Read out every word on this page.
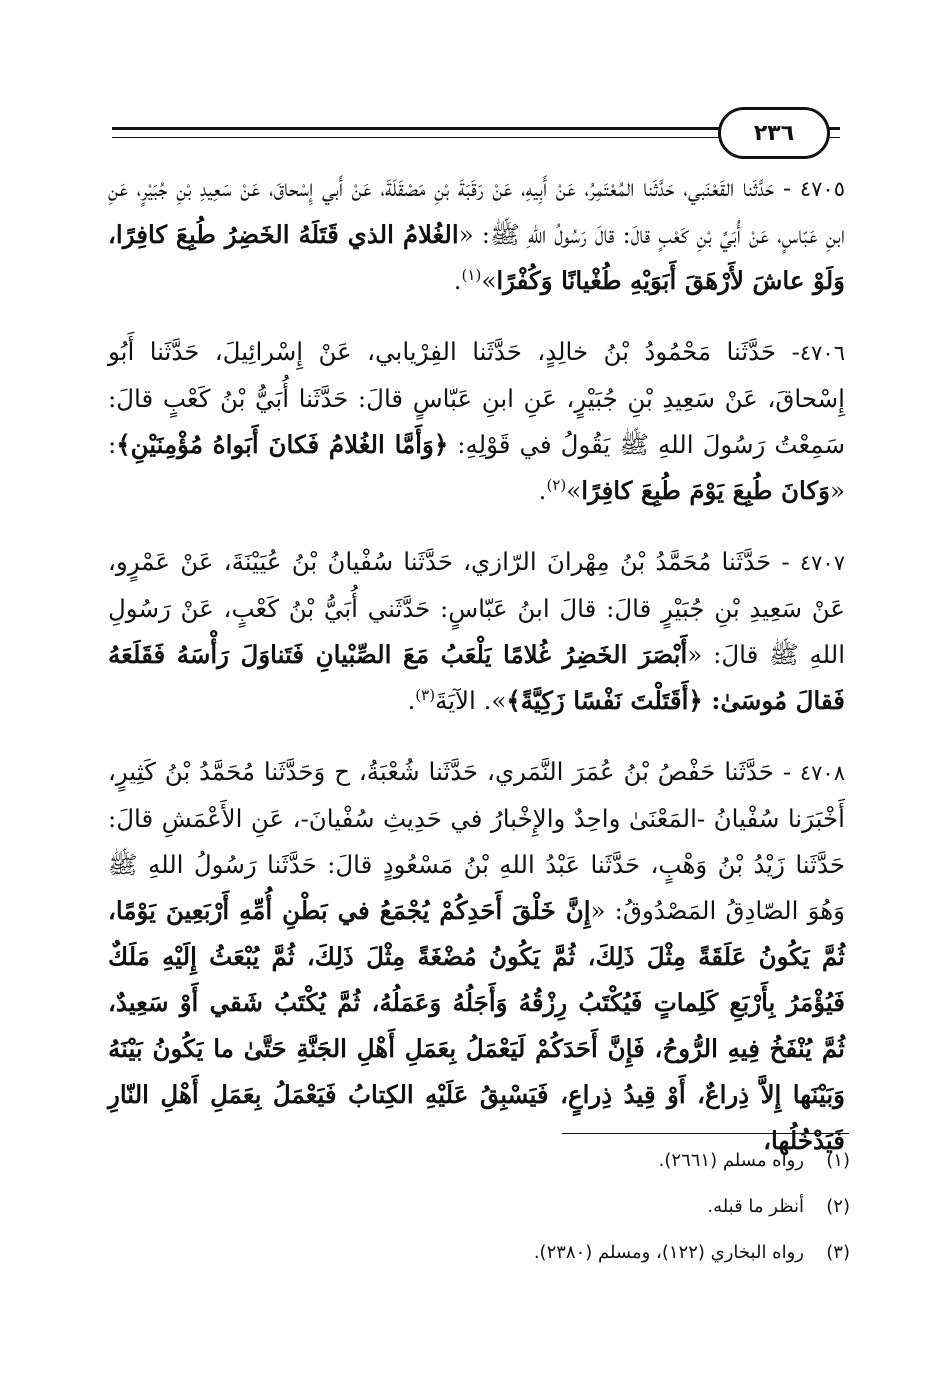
٢٣٦

٤٧٠٥ - حَدَّثَنا القَعْنَبي، حَدَّثَنا المُعْتَمِرُ، عَنْ أَبِيهِ، عَنْ رَقَبَةَ بْنِ مَصْقَلَةَ، عَنْ أَبي إِسْحاقَ، عَنْ سَعِيدِ بْنِ جُبَيْرٍ، عَنِ ابنِ عَبّاسٍ، عَنْ أُبَيِّ بْنِ كَعْبٍ قالَ: قالَ رَسُولُ اللهِ ﷺ: «الغُلامُ الذي قَتَلَهُ الخَضِرُ طُبِعَ كافِرًا، وَلَوْ عاشَ لأَرْهَقَ أَبَوَيْهِ طُغْيانًا وَكُفْرًا»$^{(١)}$.

٤٧٠٦- حَدَّثَنا مَحْمُودُ بْنُ خالِدٍ، حَدَّثَنا الفِرْيابي، عَنْ إِسْرائِيلَ، حَدَّثَنا أَبُو إِسْحاقَ، عَنْ سَعِيدِ بْنِ جُبَيْرٍ، عَنِ ابنِ عَبّاسٍ قالَ: حَدَّثَنا أُبَيُّ بْنُ كَعْبٍ قالَ: سَمِعْتُ رَسُولَ اللهِ ﷺ يَقُولُ في قَوْلِهِ: ﴿وَأَمَّا الغُلامُ فَكانَ أَبَواهُ مُؤْمِنَيْنِ﴾: «وَكانَ طُبِعَ يَوْمَ طُبِعَ كافِرًا»$^{(٢)}$.

٤٧٠٧ - حَدَّثَنا مُحَمَّدُ بْنُ مِهْرانَ الرّازي، حَدَّثَنا سُفْيانُ بْنُ عُيَيْنَةَ، عَنْ عَمْرٍو، عَنْ سَعِيدِ بْنِ جُبَيْرٍ قالَ: قالَ ابنُ عَبّاسٍ: حَدَّثَني أُبَيُّ بْنُ كَعْبٍ، عَنْ رَسُولِ اللهِ ﷺ قالَ: «أَبْصَرَ الخَضِرُ غُلامًا يَلْعَبُ مَعَ الصِّبْيانِ فَتَناوَلَ رَأْسَهُ فَقَلَعَهُ فَقالَ مُوسَىٰ: ﴿أَقَتَلْتَ نَفْسًا زَكِيَّةً﴾». الآيَةَ$^{(٣)}$.

٤٧٠٨ - حَدَّثَنا حَفْصُ بْنُ عُمَرَ النَّمَري، حَدَّثَنا شُعْبَةُ، ح وَحَدَّثَنا مُحَمَّدُ بْنُ كَثِيرٍ، أَخْبَرَنا سُفْيانُ -المَعْنَىٰ واحِدٌ والإِخْبارُ في حَدِيثِ سُفْيانَ-، عَنِ الأَعْمَشِ قالَ: حَدَّثَنا زَيْدُ بْنُ وَهْبٍ، حَدَّثَنا عَبْدُ اللهِ بْنُ مَسْعُودٍ قالَ: حَدَّثَنا رَسُولُ اللهِ ﷺ وَهُوَ الصّادِقُ المَصْدُوقُ: «إِنَّ خَلْقَ أَحَدِكُمْ يُجْمَعُ في بَطْنِ أُمِّهِ أَرْبَعِينَ يَوْمًا، ثُمَّ يَكُونُ عَلَقَةً مِثْلَ ذَلِكَ، ثُمَّ يَكُونُ مُضْغَةً مِثْلَ ذَلِكَ، ثُمَّ يُبْعَثُ إِلَيْهِ مَلَكٌ فَيُؤْمَرُ بِأَرْبَعِ كَلِماتٍ فَيُكْتَبُ رِزْقُهُ وَأَجَلُهُ وَعَمَلُهُ، ثُمَّ يُكْتَبُ شَقي أَوْ سَعِيدٌ، ثُمَّ يُنْفَخُ فِيهِ الرُّوحُ، فَإِنَّ أَحَدَكُمْ لَيَعْمَلُ بِعَمَلِ أَهْلِ الجَنَّةِ حَتَّىٰ ما يَكُونُ بَيْنَهُ وَبَيْنَها إِلاَّ ذِراعٌ، أَوْ قِيدُ ذِراعٍ، فَيَسْبِقُ عَلَيْهِ الكِتابُ فَيَعْمَلُ بِعَمَلِ أَهْلِ النّارِ فَيَدْخُلُها،

(١)رواه مسلم (٢٦٦١).

(٢)أنظر ما قبله.

(٣)رواه البخاري (١٢٢)، ومسلم (٢٣٨٠).
